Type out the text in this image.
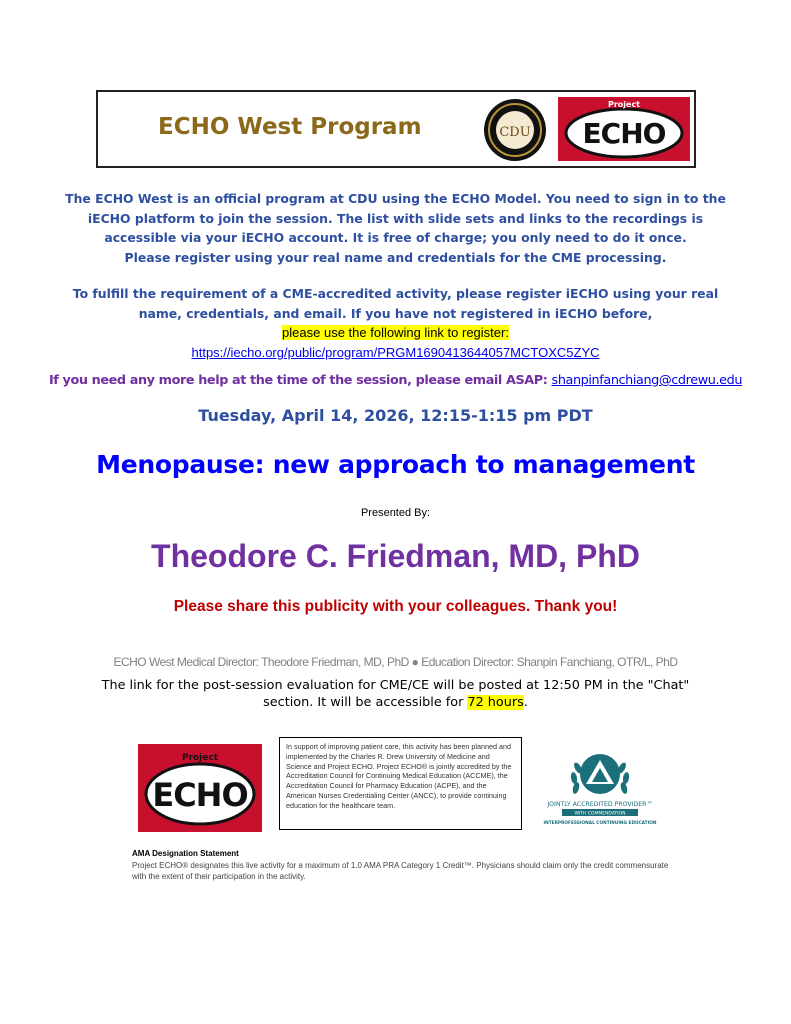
ECHO West Program	CDU
Project
ECHO
The ECHO West is an official program at CDU using the ECHO Model. You need to sign in to the
iECHO platform to join the session. The list with slide sets and links to the recordings is
accessible via your iECHO account. It is free of charge; you only need to do it once.
Please register using your real name and credentials for the CME processing.
To fulfill the requirement of a CME-accredited activity, please register iECHO using your real
name, credentials, and email. If you have not registered in iECHO before,
please use the following link to register:
https://iecho.org/public/program/PRGM1690413644057MCTOXC5ZYC
If you need any more help at the time of the session, please email ASAP: shanpinfanchiang@cdrewu.edu
Tuesday, April 14, 2026, 12:15-1:15 pm PDT
Menopause: new approach to management
Presented By:
Theodore C. Friedman, MD, PhD
Please share this publicity with your colleagues. Thank you!
ECHO West Medical Director: Theodore Friedman, MD, PhD ● Education Director: Shanpin Fanchiang, OTR/L, PhD
The link for the post-session evaluation for CME/CE will be posted at 12:50 PM in the "Chat"
section. It will be accessible for 72 hours.
Project
ECHO
In support of improving patient care, this activity has been planned and implemented by the Charles R. Drew University of Medicine and Science and Project ECHO. Project ECHO® is jointly accredited by the Accreditation Council for Continuing Medical Education (ACCME), the Accreditation Council for Pharmacy Education (ACPE), and the American Nurses Credentialing Center (ANCC), to provide continuing education for the healthcare team.	JOINTLY ACCREDITED PROVIDER™
WITH COMMENDATION
INTERPROFESSIONAL CONTINUING EDUCATION
AMA Designation Statement
Project ECHO® designates this live activity for a maximum of 1.0 AMA PRA Category 1 Credit™. Physicians should claim only the credit commensurate with the extent of their participation in the activity.
